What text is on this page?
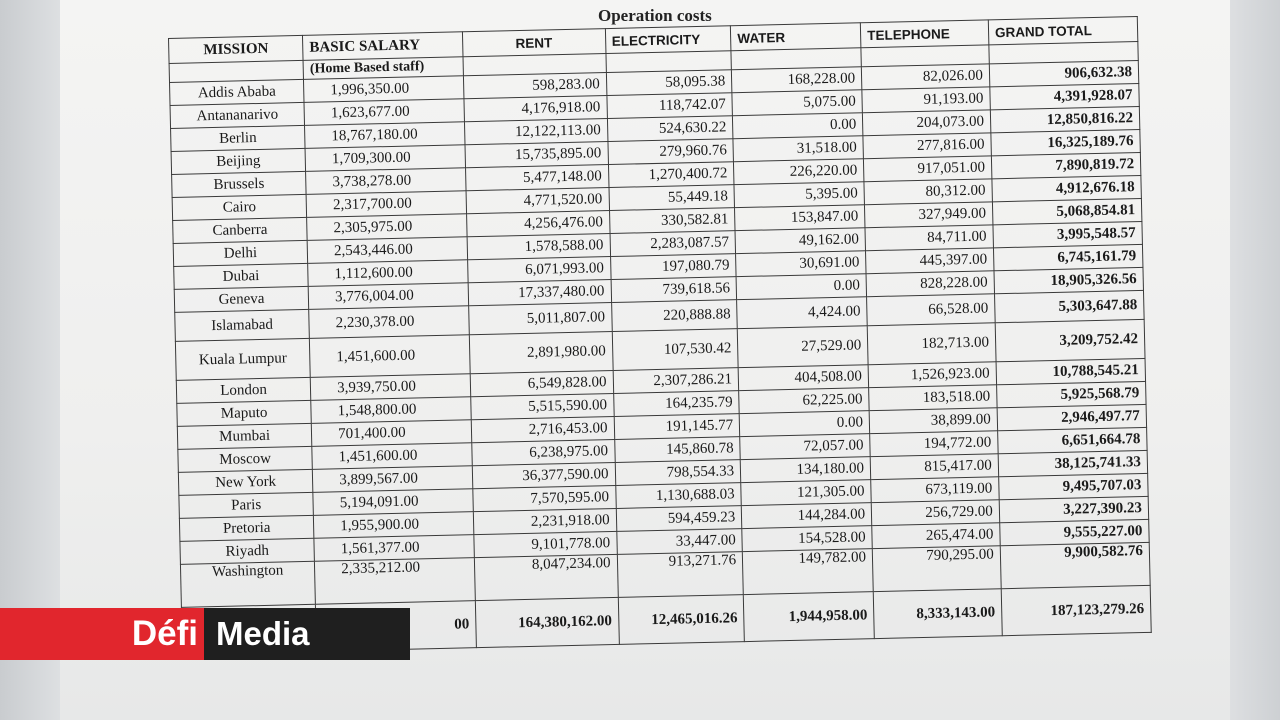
Operation costs
MISSION	BASIC SALARY	RENT	ELECTRICITY	WATER	TELEPHONE	GRAND TOTAL
	(Home Based staff)					
Addis Ababa	1,996,350.00	598,283.00	58,095.38	168,228.00	82,026.00	906,632.38
Antananarivo	1,623,677.00	4,176,918.00	118,742.07	5,075.00	91,193.00	4,391,928.07
Berlin	18,767,180.00	12,122,113.00	524,630.22	0.00	204,073.00	12,850,816.22
Beijing	1,709,300.00	15,735,895.00	279,960.76	31,518.00	277,816.00	16,325,189.76
Brussels	3,738,278.00	5,477,148.00	1,270,400.72	226,220.00	917,051.00	7,890,819.72
Cairo	2,317,700.00	4,771,520.00	55,449.18	5,395.00	80,312.00	4,912,676.18
Canberra	2,305,975.00	4,256,476.00	330,582.81	153,847.00	327,949.00	5,068,854.81
Delhi	2,543,446.00	1,578,588.00	2,283,087.57	49,162.00	84,711.00	3,995,548.57
Dubai	1,112,600.00	6,071,993.00	197,080.79	30,691.00	445,397.00	6,745,161.79
Geneva	3,776,004.00	17,337,480.00	739,618.56	0.00	828,228.00	18,905,326.56
Islamabad	2,230,378.00	5,011,807.00	220,888.88	4,424.00	66,528.00	5,303,647.88
Kuala Lumpur	1,451,600.00	2,891,980.00	107,530.42	27,529.00	182,713.00	3,209,752.42
London	3,939,750.00	6,549,828.00	2,307,286.21	404,508.00	1,526,923.00	10,788,545.21
Maputo	1,548,800.00	5,515,590.00	164,235.79	62,225.00	183,518.00	5,925,568.79
Mumbai	701,400.00	2,716,453.00	191,145.77	0.00	38,899.00	2,946,497.77
Moscow	1,451,600.00	6,238,975.00	145,860.78	72,057.00	194,772.00	6,651,664.78
New York	3,899,567.00	36,377,590.00	798,554.33	134,180.00	815,417.00	38,125,741.33
Paris	5,194,091.00	7,570,595.00	1,130,688.03	121,305.00	673,119.00	9,495,707.03
Pretoria	1,955,900.00	2,231,918.00	594,459.23	144,284.00	256,729.00	3,227,390.23
Riyadh	1,561,377.00	9,101,778.00	33,447.00	154,528.00	265,474.00	9,555,227.00
Washington	2,335,212.00	8,047,234.00	913,271.76	149,782.00	790,295.00	9,900,582.76
	00	164,380,162.00	12,465,016.26	1,944,958.00	8,333,143.00	187,123,279.26
Défi Media
